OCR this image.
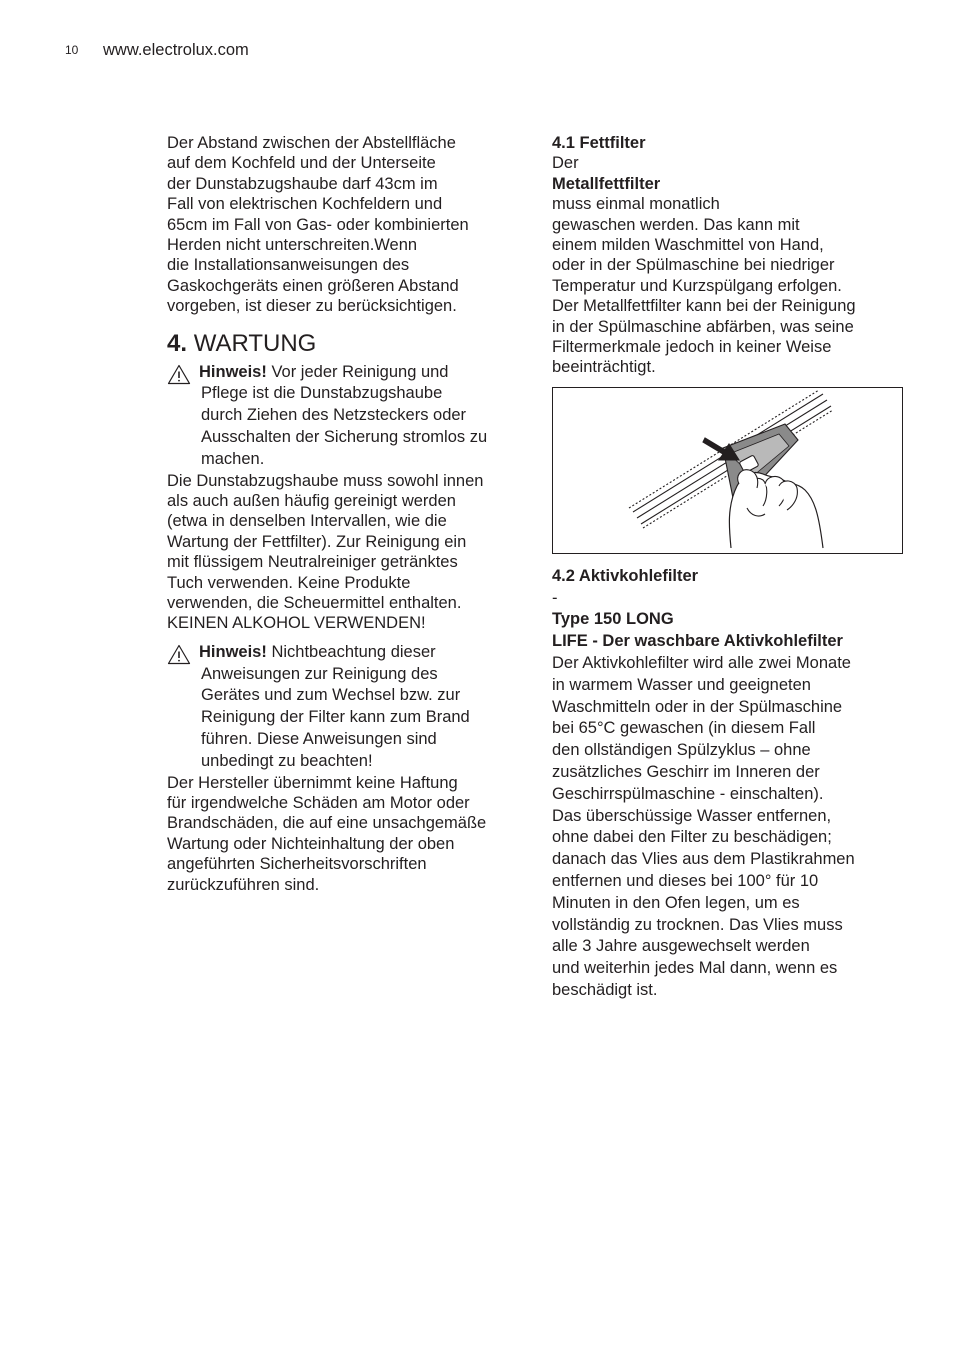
10 www.electrolux.com

Der Abstand zwischen der Abstellfläche
auf dem Kochfeld und der Unterseite
der Dunstabzugshaube darf 43cm im
Fall von elektrischen Kochfeldern und
65cm im Fall von Gas- oder kombinierten
Herden nicht unterschreiten.Wenn
die Installationsanweisungen des
Gaskochgeräts einen größeren Abstand
vorgeben, ist dieser zu berücksichtigen.

4. WARTUNG
Hinweis! Vor jeder Reinigung und
Pflege ist die Dunstabzugshaube
durch Ziehen des Netzsteckers oder
Ausschalten der Sicherung stromlos zu
machen.

Die Dunstabzugshaube muss sowohl innen
als auch außen häufig gereinigt werden
(etwa in denselben Intervallen, wie die
Wartung der Fettfilter). Zur Reinigung ein
mit flüssigem Neutralreiniger getränktes
Tuch verwenden. Keine Produkte
verwenden, die Scheuermittel enthalten.
KEINEN ALKOHOL VERWENDEN!

Hinweis! Nichtbeachtung dieser
Anweisungen zur Reinigung des
Gerätes und zum Wechsel bzw. zur
Reinigung der Filter kann zum Brand
führen. Diese Anweisungen sind
unbedingt zu beachten!

Der Hersteller übernimmt keine Haftung
für irgendwelche Schäden am Motor oder
Brandschäden, die auf eine unsachgemäße
Wartung oder Nichteinhaltung der oben
angeführten Sicherheitsvorschriften
zurückzuführen sind.

4.1 Fettfilter
Der
Metallfettfilter
muss einmal monatlich
gewaschen werden. Das kann mit
einem milden Waschmittel von Hand,
oder in der Spülmaschine bei niedriger
Temperatur und Kurzspülgang erfolgen.
Der Metallfettfilter kann bei der Reinigung
in der Spülmaschine abfärben, was seine
Filtermerkmale jedoch in keiner Weise
beeinträchtigt.
4.2 Aktivkohlefilter
-
Type 150 LONG
LIFE - Der waschbare Aktivkohlefilter
Der Aktivkohlefilter wird alle zwei Monate
in warmem Wasser und geeigneten
Waschmitteln oder in der Spülmaschine
bei 65°C gewaschen (in diesem Fall
den ollständigen Spülzyklus – ohne
zusätzliches Geschirr im Inneren der
Geschirrspülmaschine - einschalten).
Das überschüssige Wasser entfernen,
ohne dabei den Filter zu beschädigen;
danach das Vlies aus dem Plastikrahmen
entfernen und dieses bei 100° für 10
Minuten in den Ofen legen, um es
vollständig zu trocknen. Das Vlies muss
alle 3 Jahre ausgewechselt werden
und weiterhin jedes Mal dann, wenn es
beschädigt ist.
